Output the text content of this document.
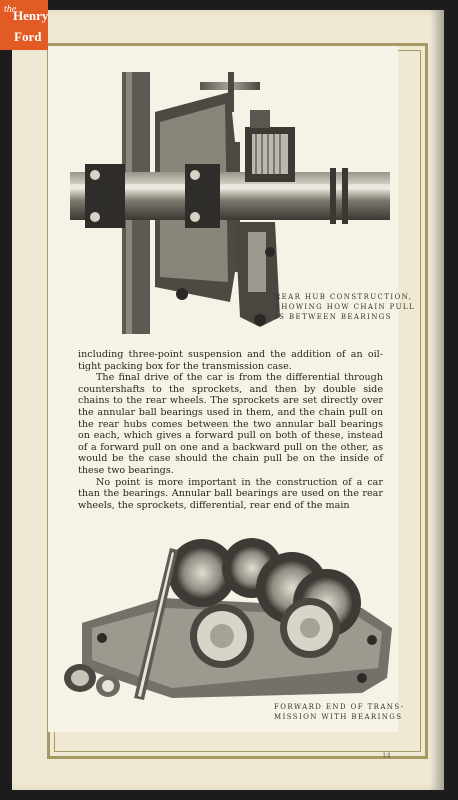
REAR HUB CONSTRUCTION,
SHOWING HOW CHAIN PULL
IS BETWEEN BEARINGS

including three-point suspension and the addition of an oil-tight packing box for the transmission case.

The final drive of the car is from the differential through countershafts to the sprockets, and then by double side chains to the rear wheels. The sprockets are set directly over the annular ball bearings used in them, and the chain pull on the rear hubs comes between the two annular ball bearings on each, which gives a forward pull on both of these, instead of a forward pull on one and a backward pull on the other, as would be the case should the chain pull be on the inside of these two bearings.

No point is more important in the construction of a car than the bearings. Annular ball bearings are used on the rear wheels, the sprockets, differential, rear end of the main

FORWARD END OF TRANS-
MISSION WITH BEARINGS
14
the
Henry
Ford
